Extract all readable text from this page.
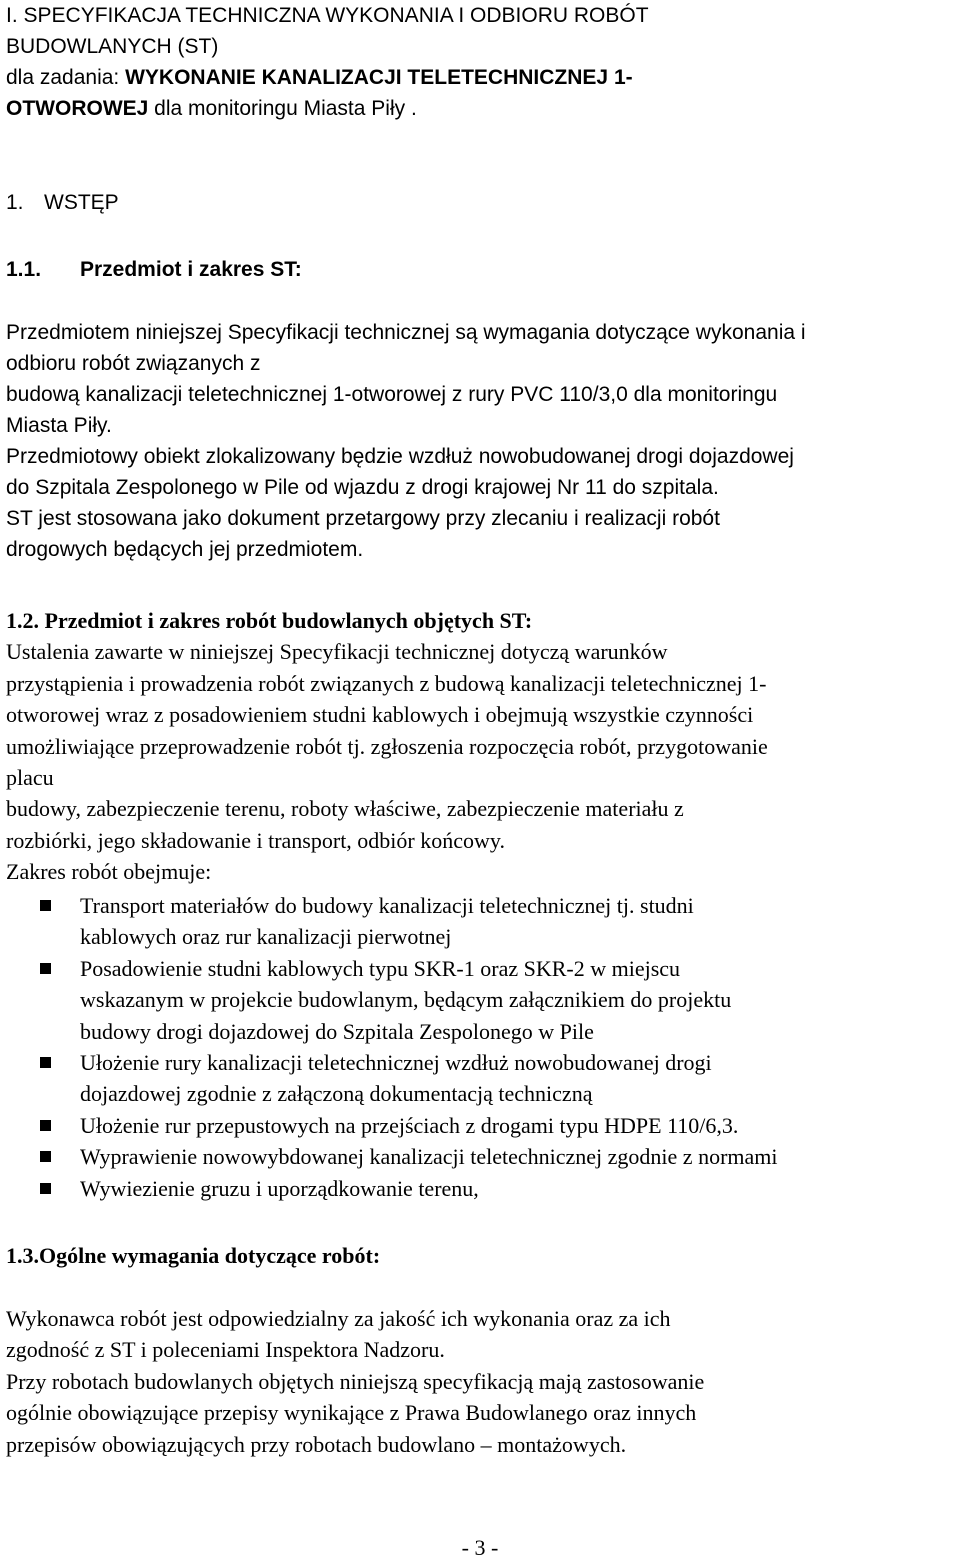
I. SPECYFIKACJA TECHNICZNA WYKONANIA I ODBIORU ROBÓT
BUDOWLANYCH (ST)
dla zadania: WYKONANIE KANALIZACJI TELETECHNICZNEJ 1-
OTWOROWEJ dla monitoringu Miasta Piły .
1. WSTĘP
1.1. Przedmiot i zakres ST:
Przedmiotem niniejszej Specyfikacji technicznej są wymagania dotyczące wykonania i
odbioru robót związanych z
budową kanalizacji teletechnicznej 1-otworowej z rury PVC 110/3,0 dla monitoringu
Miasta Piły.
Przedmiotowy obiekt zlokalizowany będzie wzdłuż nowobudowanej drogi dojazdowej
do Szpitala Zespolonego w Pile od wjazdu z drogi krajowej Nr 11 do szpitala.
ST jest stosowana jako dokument przetargowy przy zlecaniu i realizacji robót
drogowych będących jej przedmiotem.
1.2. Przedmiot i zakres robót budowlanych objętych ST:
Ustalenia zawarte w niniejszej Specyfikacji technicznej dotyczą warunków
przystąpienia i prowadzenia robót związanych z budową kanalizacji teletechnicznej 1-
otworowej wraz z posadowieniem studni kablowych i obejmują wszystkie czynności
umożliwiające przeprowadzenie robót tj. zgłoszenia rozpoczęcia robót, przygotowanie
placu
budowy, zabezpieczenie terenu, roboty właściwe, zabezpieczenie materiału z
rozbiórki, jego składowanie i transport, odbiór końcowy.
Zakres robót obejmuje:
Transport materiałów do budowy kanalizacji teletechnicznej tj. studni
kablowych oraz rur kanalizacji pierwotnej
Posadowienie studni kablowych typu SKR-1 oraz SKR-2 w miejscu
wskazanym w projekcie budowlanym, będącym załącznikiem do projektu
budowy drogi dojazdowej do Szpitala Zespolonego w Pile
Ułożenie rury kanalizacji teletechnicznej wzdłuż nowobudowanej drogi
dojazdowej zgodnie z załączoną dokumentacją techniczną
Ułożenie rur przepustowych na przejściach z drogami typu HDPE 110/6,3.
Wyprawienie nowowybdowanej kanalizacji teletechnicznej zgodnie z normami
Wywiezienie gruzu i uporządkowanie terenu,
1.3.Ogólne wymagania dotyczące robót:
Wykonawca robót jest odpowiedzialny za jakość ich wykonania oraz za ich
zgodność z ST i poleceniami Inspektora Nadzoru.
Przy robotach budowlanych objętych niniejszą specyfikacją mają zastosowanie
ogólnie obowiązujące przepisy wynikające z Prawa Budowlanego oraz innych
przepisów obowiązujących przy robotach budowlano – montażowych.
- 3 -
